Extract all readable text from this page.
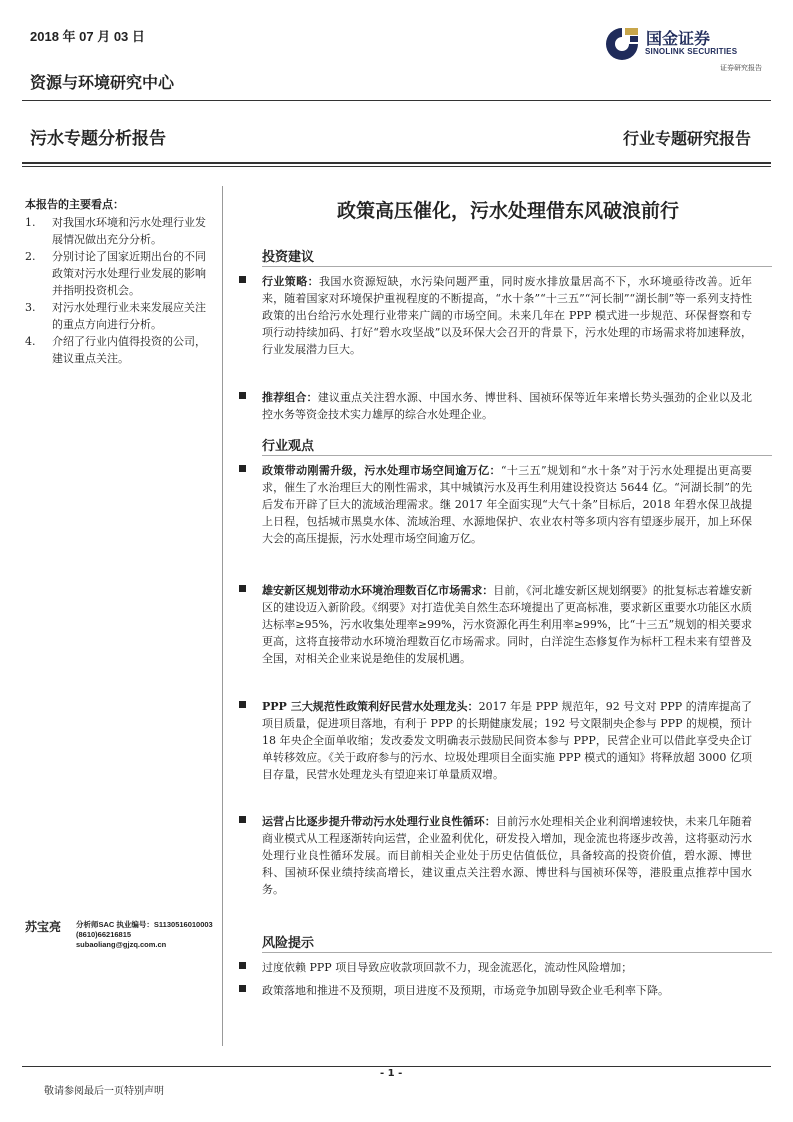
2018 年 07 月 03 日
资源与环境研究中心
污水专题分析报告	行业专题研究报告
国金证券
SINOLINK SECURITIES
证券研究报告
本报告的主要看点：
1.	对我国水环境和污水处理行业发展情况做出充分分析。
2.	分别讨论了国家近期出台的不同政策对污水处理行业发展的影响并指明投资机会。
3.	对污水处理行业未来发展应关注的重点方向进行分析。
4.	介绍了行业内值得投资的公司，建议重点关注。
苏宝亮 分析师SAC 执业编号：S1130516010003
(8610)66216815
subaoliang@gjzq.com.cn
政策高压催化，污水处理借东风破浪前行
投资建议
行业策略：我国水资源短缺，水污染问题严重，同时废水排放量居高不下，水环境亟待改善。近年来，随着国家对环境保护重视程度的不断提高，“水十条”“十三五”“河长制”“湖长制”等一系列支持性政策的出台给污水处理行业带来广阔的市场空间。未来几年在 PPP 模式进一步规范、环保督察和专项行动持续加码、打好“碧水攻坚战”以及环保大会召开的背景下，污水处理的市场需求将加速释放，行业发展潜力巨大。
推荐组合：建议重点关注碧水源、中国水务、博世科、国祯环保等近年来增长势头强劲的企业以及北控水务等资金技术实力雄厚的综合水处理企业。
行业观点
政策带动刚需升级，污水处理市场空间逾万亿：“十三五”规划和“水十条”对于污水处理提出更高要求，催生了水治理巨大的刚性需求，其中城镇污水及再生利用建设投资达 5644 亿。“河湖长制”的先后发布开辟了巨大的流域治理需求。继 2017 年全面实现“大气十条”目标后，2018 年碧水保卫战提上日程，包括城市黑臭水体、流域治理、水源地保护、农业农村等多项内容有望逐步展开，加上环保大会的高压提振，污水处理市场空间逾万亿。
雄安新区规划带动水环境治理数百亿市场需求：目前，《河北雄安新区规划纲要》的批复标志着雄安新区的建设迈入新阶段。《纲要》对打造优美自然生态环境提出了更高标准，要求新区重要水功能区水质达标率≥95%，污水收集处理率≥99%，污水资源化再生利用率≥99%，比“十三五”规划的相关要求更高，这将直接带动水环境治理数百亿市场需求。同时，白洋淀生态修复作为标杆工程未来有望普及全国，对相关企业来说是绝佳的发展机遇。
PPP 三大规范性政策利好民营水处理龙头：2017 年是 PPP 规范年，92 号文对 PPP 的清库提高了项目质量，促进项目落地，有利于 PPP 的长期健康发展；192 号文限制央企参与 PPP 的规模，预计 18 年央企全面单收缩；发改委发文明确表示鼓励民间资本参与 PPP，民营企业可以借此享受央企订单转移效应。《关于政府参与的污水、垃圾处理项目全面实施 PPP 模式的通知》将释放超 3000 亿项目存量，民营水处理龙头有望迎来订单量质双增。
运营占比逐步提升带动污水处理行业良性循环：目前污水处理相关企业利润增速较快，未来几年随着商业模式从工程逐渐转向运营，企业盈利优化，研发投入增加，现金流也将逐步改善，这将驱动污水处理行业良性循环发展。而目前相关企业处于历史估值低位，具备较高的投资价值，碧水源、博世科、国祯环保业绩持续高增长，建议重点关注碧水源、博世科与国祯环保等，港股重点推荐中国水务。
风险提示
过度依赖 PPP 项目导致应收款项回款不力，现金流恶化，流动性风险增加；
政策落地和推进不及预期，项目进度不及预期，市场竞争加剧导致企业毛利率下降。
- 1 -
敬请参阅最后一页特别声明
